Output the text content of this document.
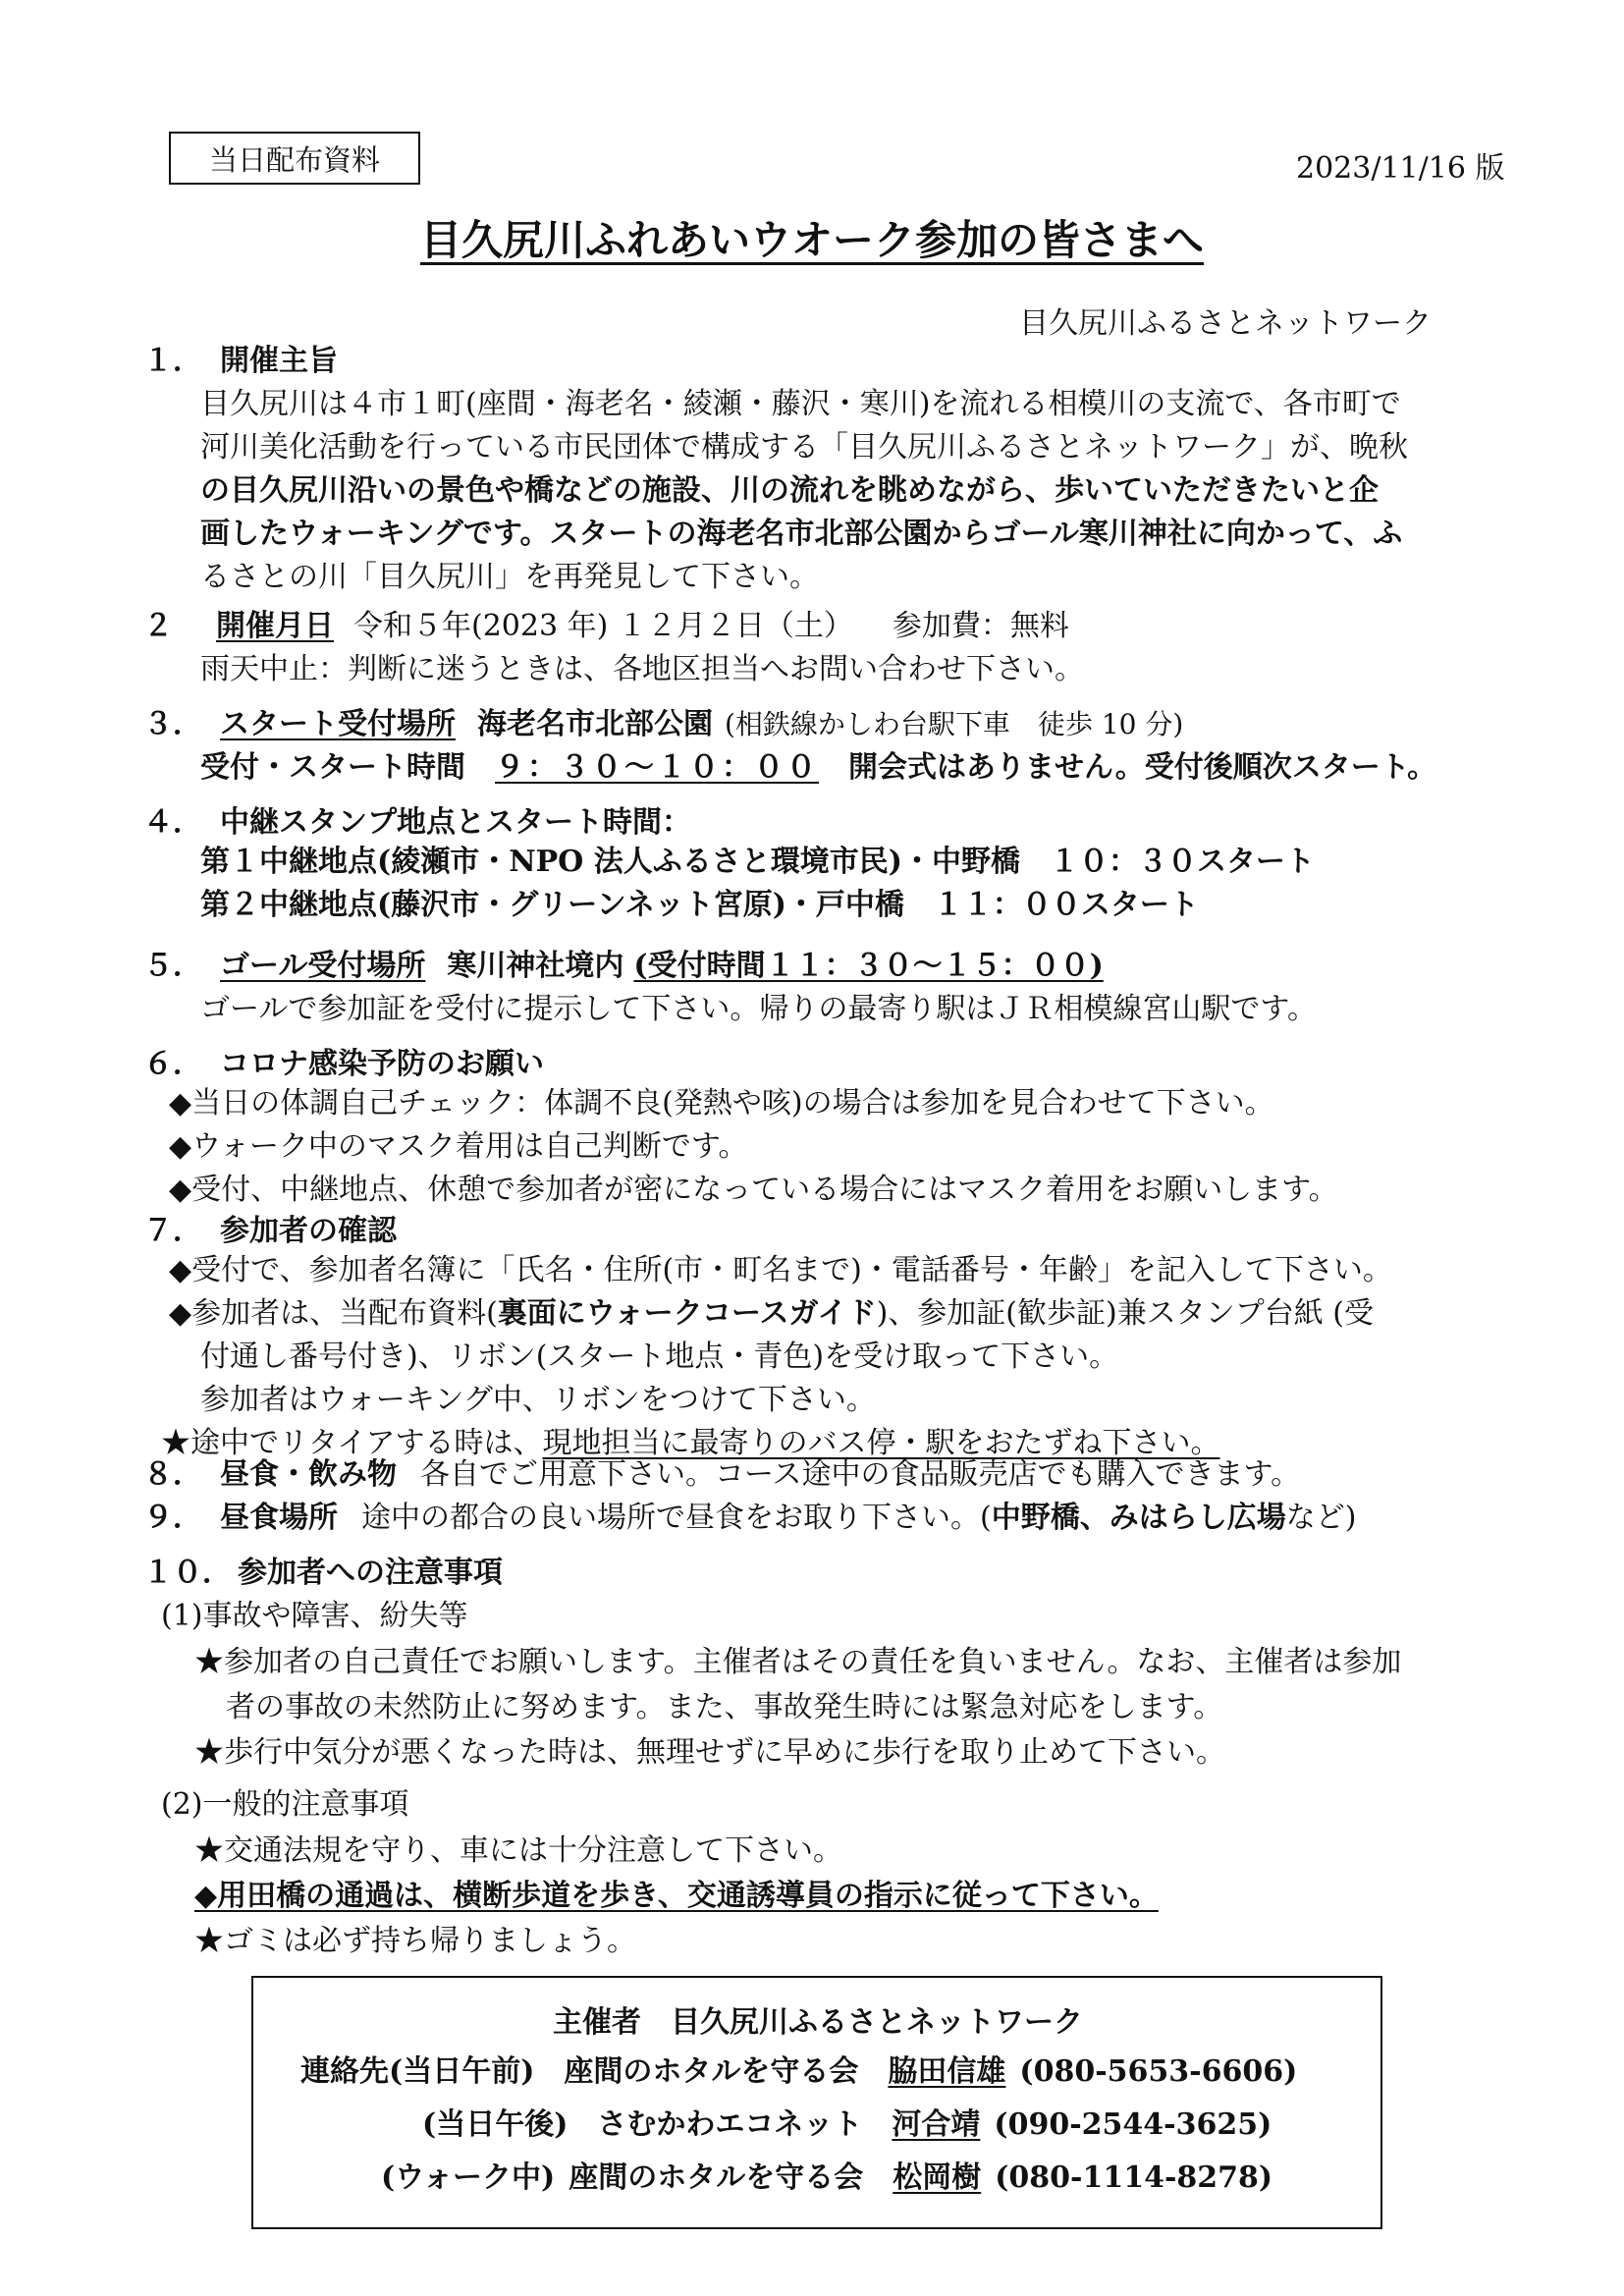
当日配布資料	2023/11/16 版
目久尻川ふれあいウオーク参加の皆さまへ
目久尻川ふるさとネットワーク
１． 開催主旨
目久尻川は４市１町(座間・海老名・綾瀬・藤沢・寒川)を流れる相模川の支流で、各市町で
河川美化活動を行っている市民団体で構成する「目久尻川ふるさとネットワーク」が、晩秋
の目久尻川沿いの景色や橋などの施設、川の流れを眺めながら、歩いていただきたいと企
画したウォーキングです。スタートの海老名市北部公園からゴール寒川神社に向かって、ふ
るさとの川「目久尻川」を再発見して下さい。
２ 開催月日 令和５年(2023 年) １２月２日（土） 参加費：無料
雨天中止：判断に迷うときは、各地区担当へお問い合わせ下さい。
３． スタート受付場所 海老名市北部公園 (相鉄線かしわ台駅下車　徒歩 10 分)
受付・スタート時間 ９：３０～１０：００ 開会式はありません。受付後順次スタート。
４． 中継スタンプ地点とスタート時間：
第１中継地点(綾瀬市・NPO 法人ふるさと環境市民)・中野橋　１０：３０スタート
第２中継地点(藤沢市・グリーンネット宮原)・戸中橋　１１：００スタート
５． ゴール受付場所 寒川神社境内 (受付時間１１：３０～１５：００)
ゴールで参加証を受付に提示して下さい。帰りの最寄り駅はＪＲ相模線宮山駅です。
６． コロナ感染予防のお願い
◆当日の体調自己チェック：体調不良(発熱や咳)の場合は参加を見合わせて下さい。
◆ウォーク中のマスク着用は自己判断です。
◆受付、中継地点、休憩で参加者が密になっている場合にはマスク着用をお願いします。
７． 参加者の確認
◆受付で、参加者名簿に「氏名・住所(市・町名まで)・電話番号・年齢」を記入して下さい。
◆参加者は、当配布資料(裏面にウォークコースガイド)、参加証(歓歩証)兼スタンプ台紙 (受
付通し番号付き)、リボン(スタート地点・青色)を受け取って下さい。
参加者はウォーキング中、リボンをつけて下さい。
★途中でリタイアする時は、現地担当に最寄りのバス停・駅をおたずね下さい。
８． 昼食・飲み物 各自でご用意下さい。コース途中の食品販売店でも購入できます。
９． 昼食場所 途中の都合の良い場所で昼食をお取り下さい。(中野橋、みはらし広場など)
１０． 参加者への注意事項
(1)事故や障害、紛失等
★参加者の自己責任でお願いします。主催者はその責任を負いません。なお、主催者は参加
者の事故の未然防止に努めます。また、事故発生時には緊急対応をします。
★歩行中気分が悪くなった時は、無理せずに早めに歩行を取り止めて下さい。
(2)一般的注意事項
★交通法規を守り、車には十分注意して下さい。
◆用田橋の通過は、横断歩道を歩き、交通誘導員の指示に従って下さい。
★ゴミは必ず持ち帰りましょう。
主催者　目久尻川ふるさとネットワーク
連絡先(当日午前) 座間のホタルを守る会 脇田信雄 (080-5653-6606)
(当日午後) さむかわエコネット 河合靖 (090-2544-3625)
(ウォーク中) 座間のホタルを守る会 松岡樹 (080-1114-8278)
